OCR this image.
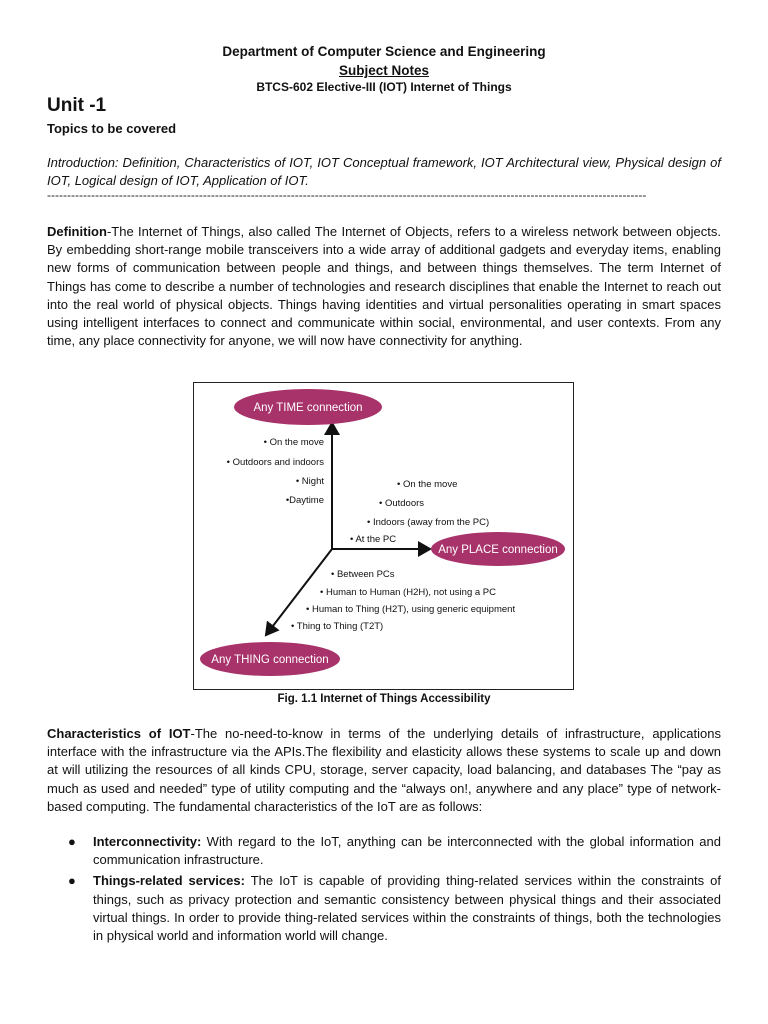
Department of Computer Science and Engineering
Subject Notes
BTCS-602 Elective-III (IOT) Internet of Things
Unit -1
Topics to be covered

Introduction: Definition, Characteristics of IOT, IOT Conceptual framework, IOT Architectural view, Physical design of IOT, Logical design of IOT, Application of IOT.

------------------------------------------------------------------------------------------------------------------------------------------------------

Definition-The Internet of Things, also called The Internet of Objects, refers to a wireless network between objects. By embedding short-range mobile transceivers into a wide array of additional gadgets and everyday items, enabling new forms of communication between people and things, and between things themselves. The term Internet of Things has come to describe a number of technologies and research disciplines that enable the Internet to reach out into the real world of physical objects. Things having identities and virtual personalities operating in smart spaces using intelligent interfaces to connect and communicate within social, environmental, and user contexts. From any time, any place connectivity for anyone, we will now have connectivity for anything.

Any TIME connection
Any PLACE connection
Any THING connection
• On the move
• Outdoors and indoors
• Night
•Daytime
• On the move
• Outdoors
• Indoors (away from the PC)
• At the PC
• Between PCs
• Human to Human (H2H), not using a PC
• Human to Thing (H2T), using generic equipment
• Thing to Thing (T2T)
Fig. 1.1 Internet of Things Accessibility

Characteristics of IOT-The no-need-to-know in terms of the underlying details of infrastructure, applications interface with the infrastructure via the APIs.The flexibility and elasticity allows these systems to scale up and down at will utilizing the resources of all kinds CPU, storage, server capacity, load balancing, and databases The “pay as much as used and needed” type of utility computing and the “always on!, anywhere and any place” type of network-based computing. The fundamental characteristics of the IoT are as follows:

● Interconnectivity: With regard to the IoT, anything can be interconnected with the global information and communication infrastructure.
● Things-related services: The IoT is capable of providing thing-related services within the constraints of things, such as privacy protection and semantic consistency between physical things and their associated virtual things. In order to provide thing-related services within the constraints of things, both the technologies in physical world and information world will change.
